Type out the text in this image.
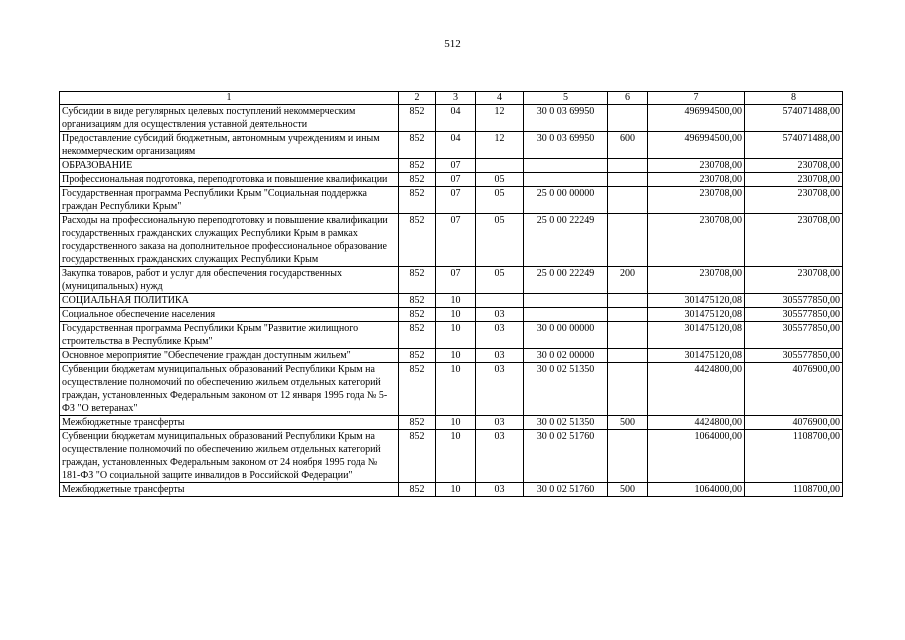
512
1	2	3	4	5	6	7	8
Субсидии в виде регулярных целевых поступлений некоммерческим организациям для осуществления уставной деятельности	852	04	12	30 0 03 69950		496994500,00	574071488,00
Предоставление субсидий бюджетным, автономным учреждениям и иным некоммерческим организациям	852	04	12	30 0 03 69950	600	496994500,00	574071488,00
ОБРАЗОВАНИЕ	852	07				230708,00	230708,00
Профессиональная подготовка, переподготовка и повышение квалификации	852	07	05			230708,00	230708,00
Государственная программа Республики Крым "Социальная поддержка граждан Республики Крым"	852	07	05	25 0 00 00000		230708,00	230708,00
Расходы на профессиональную переподготовку и повышение квалификации государственных гражданских служащих Республики Крым в рамках государственного заказа на дополнительное профессиональное образование государственных гражданских служащих Республики Крым	852	07	05	25 0 00 22249		230708,00	230708,00
Закупка товаров, работ и услуг для обеспечения государственных (муниципальных) нужд	852	07	05	25 0 00 22249	200	230708,00	230708,00
СОЦИАЛЬНАЯ ПОЛИТИКА	852	10				301475120,08	305577850,00
Социальное обеспечение населения	852	10	03			301475120,08	305577850,00
Государственная программа Республики Крым "Развитие жилищного строительства в Республике Крым"	852	10	03	30 0 00 00000		301475120,08	305577850,00
Основное мероприятие "Обеспечение граждан доступным жильем"	852	10	03	30 0 02 00000		301475120,08	305577850,00
Субвенции бюджетам муниципальных образований Республики Крым на осуществление полномочий по обеспечению жильем отдельных категорий граждан, установленных Федеральным законом от 12 января 1995 года № 5-ФЗ "О ветеранах"	852	10	03	30 0 02 51350		4424800,00	4076900,00
Межбюджетные трансферты	852	10	03	30 0 02 51350	500	4424800,00	4076900,00
Субвенции бюджетам муниципальных образований Республики Крым на осуществление полномочий по обеспечению жильем отдельных категорий граждан, установленных Федеральным законом от 24 ноября 1995 года № 181-ФЗ "О социальной защите инвалидов в Российской Федерации"	852	10	03	30 0 02 51760		1064000,00	1108700,00
Межбюджетные трансферты	852	10	03	30 0 02 51760	500	1064000,00	1108700,00
